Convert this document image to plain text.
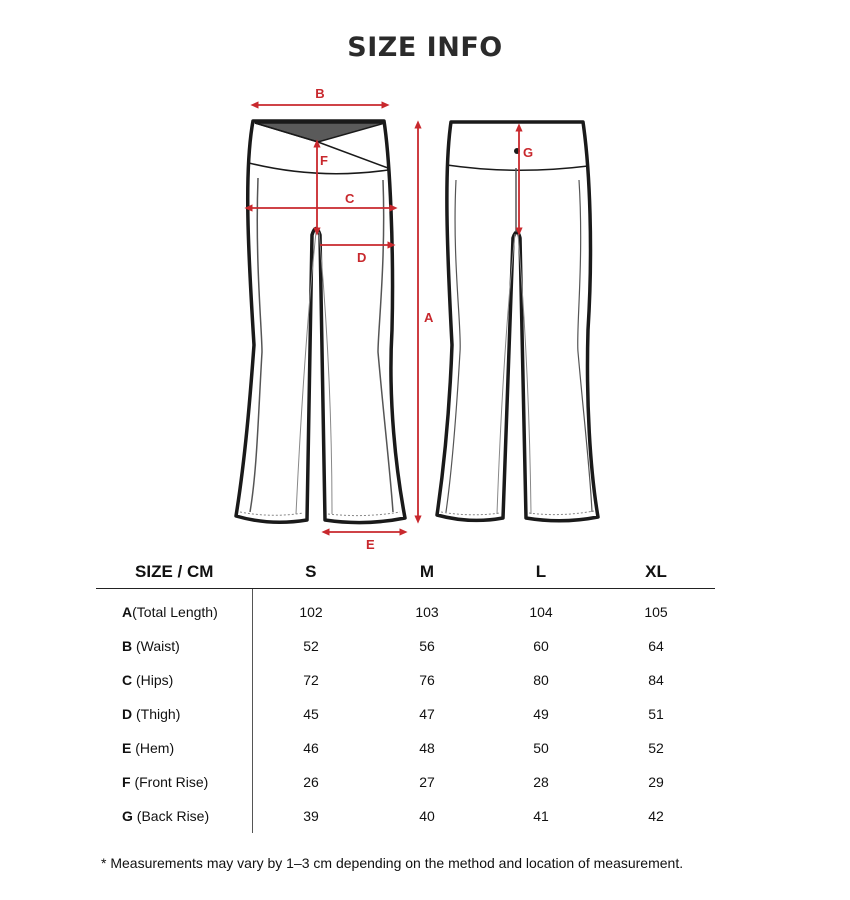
SIZE INFO
B
F
C
D
A
E
G
SIZE / CM	S	M	L	XL
A(Total Length)	102	103	104	105
B (Waist)	52	56	60	64
C (Hips)	72	76	80	84
D (Thigh)	45	47	49	51
E (Hem)	46	48	50	52
F (Front Rise)	26	27	28	29
G (Back Rise)	39	40	41	42
* Measurements may vary by 1–3 cm depending on the method and location of measurement.
